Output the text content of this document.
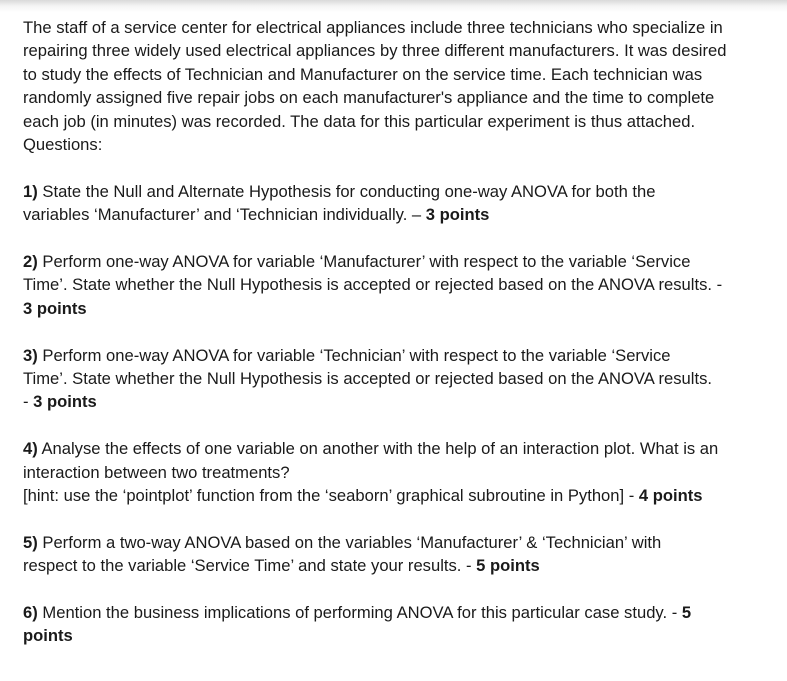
The staff of a service center for electrical appliances include three technicians who specialize in
repairing three widely used electrical appliances by three different manufacturers. It was desired
to study the effects of Technician and Manufacturer on the service time. Each technician was
randomly assigned five repair jobs on each manufacturer's appliance and the time to complete
each job (in minutes) was recorded. The data for this particular experiment is thus attached.
Questions:

1) State the Null and Alternate Hypothesis for conducting one-way ANOVA for both the
variables ‘Manufacturer’ and ‘Technician individually. – 3 points

2) Perform one-way ANOVA for variable ‘Manufacturer’ with respect to the variable ‘Service
Time’. State whether the Null Hypothesis is accepted or rejected based on the ANOVA results. -
3 points

3) Perform one-way ANOVA for variable ‘Technician’ with respect to the variable ‘Service
Time’. State whether the Null Hypothesis is accepted or rejected based on the ANOVA results.
- 3 points

4) Analyse the effects of one variable on another with the help of an interaction plot. What is an
interaction between two treatments?
[hint: use the ‘pointplot’ function from the ‘seaborn’ graphical subroutine in Python] - 4 points

5) Perform a two-way ANOVA based on the variables ‘Manufacturer’ & ‘Technician’ with
respect to the variable ‘Service Time’ and state your results. - 5 points

6) Mention the business implications of performing ANOVA for this particular case study. - 5
points
